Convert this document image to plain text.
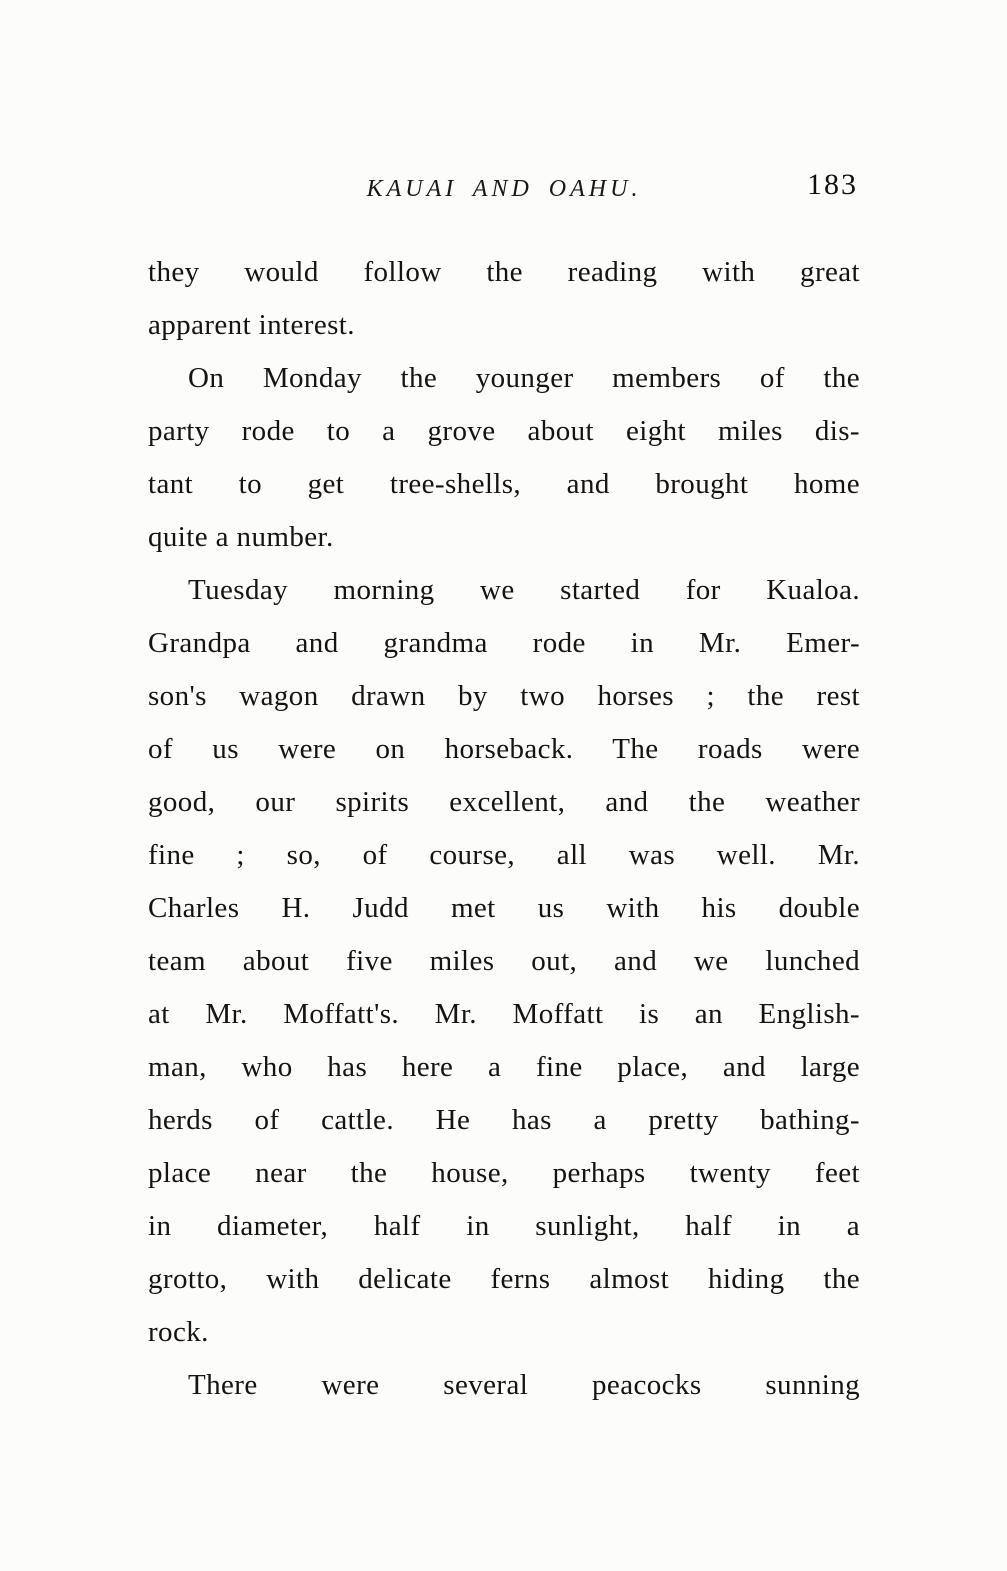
KAUAI AND OAHU.	183
they would follow the reading with great
apparent interest.
On Monday the younger members of the
party rode to a grove about eight miles dis-
tant to get tree-shells, and brought home
quite a number.
Tuesday morning we started for Kualoa.
Grandpa and grandma rode in Mr. Emer-
son's wagon drawn by two horses ; the rest
of us were on horseback. The roads were
good, our spirits excellent, and the weather
fine ; so, of course, all was well. Mr.
Charles H. Judd met us with his double
team about five miles out, and we lunched
at Mr. Moffatt's. Mr. Moffatt is an English-
man, who has here a fine place, and large
herds of cattle. He has a pretty bathing-
place near the house, perhaps twenty feet
in diameter, half in sunlight, half in a
grotto, with delicate ferns almost hiding the
rock.
There were several peacocks sunning
